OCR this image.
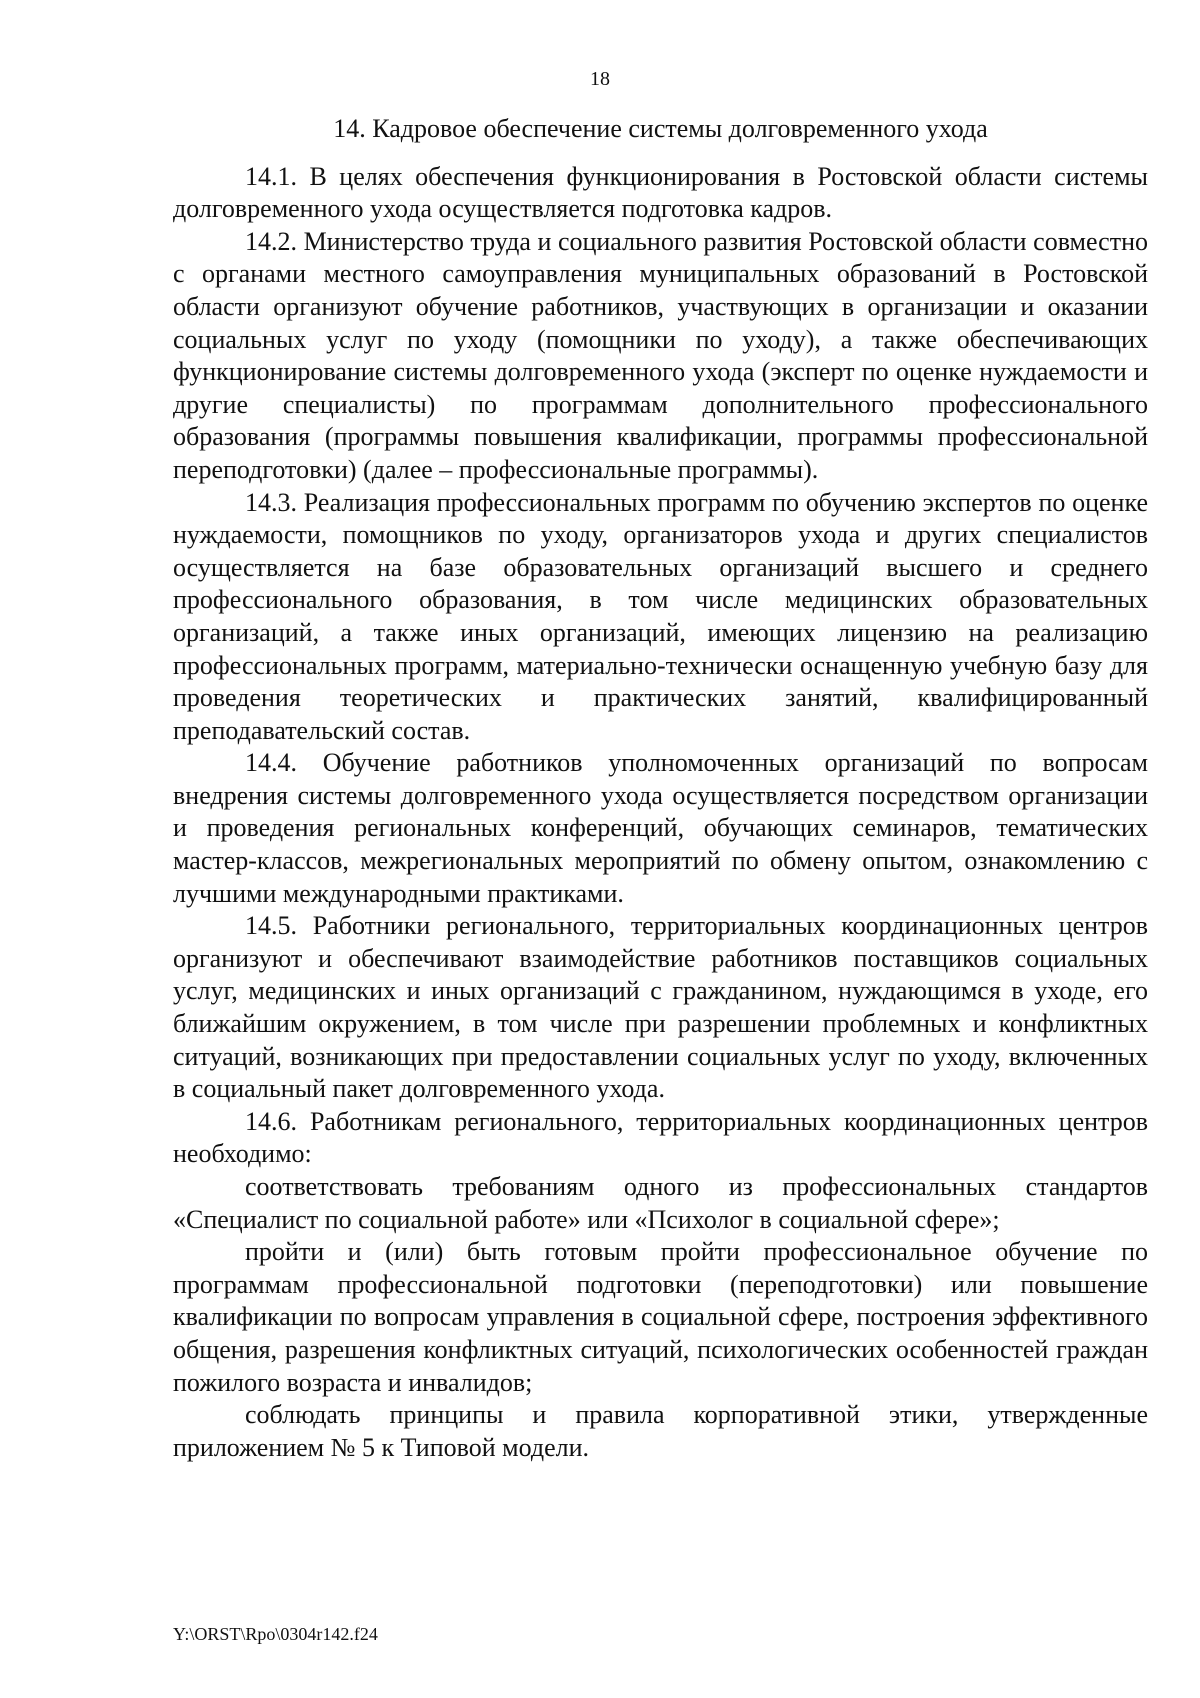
18
14. Кадровое обеспечение системы долговременного ухода

14.1. В целях обеспечения функционирования в Ростовской области системы долговременного ухода осуществляется подготовка кадров.

14.2. Министерство труда и социального развития Ростовской области совместно с органами местного самоуправления муниципальных образований в Ростовской области организуют обучение работников, участвующих в организации и оказании социальных услуг по уходу (помощники по уходу), а также обеспечивающих функционирование системы долговременного ухода (эксперт по оценке нуждаемости и другие специалисты) по программам дополнительного профессионального образования (программы повышения квалификации, программы профессиональной переподготовки) (далее – профессиональные программы).

14.3. Реализация профессиональных программ по обучению экспертов по оценке нуждаемости, помощников по уходу, организаторов ухода и других специалистов осуществляется на базе образовательных организаций высшего и среднего профессионального образования, в том числе медицинских образовательных организаций, а также иных организаций, имеющих лицензию на реализацию профессиональных программ, материально-технически оснащенную учебную базу для проведения теоретических и практических занятий, квалифицированный преподавательский состав.

14.4. Обучение работников уполномоченных организаций по вопросам внедрения системы долговременного ухода осуществляется посредством организации и проведения региональных конференций, обучающих семинаров, тематических мастер-классов, межрегиональных мероприятий по обмену опытом, ознакомлению с лучшими международными практиками.

14.5. Работники регионального, территориальных координационных центров организуют и обеспечивают взаимодействие работников поставщиков социальных услуг, медицинских и иных организаций с гражданином, нуждающимся в уходе, его ближайшим окружением, в том числе при разрешении проблемных и конфликтных ситуаций, возникающих при предоставлении социальных услуг по уходу, включенных в социальный пакет долговременного ухода.

14.6. Работникам регионального, территориальных координационных центров необходимо:

соответствовать требованиям одного из профессиональных стандартов «Специалист по социальной работе» или «Психолог в социальной сфере»;

пройти и (или) быть готовым пройти профессиональное обучение по программам профессиональной подготовки (переподготовки) или повышение квалификации по вопросам управления в социальной сфере, построения эффективного общения, разрешения конфликтных ситуаций, психологических особенностей граждан пожилого возраста и инвалидов;

соблюдать принципы и правила корпоративной этики, утвержденные приложением № 5 к Типовой модели.

Y:\ORST\Rpo\0304r142.f24
